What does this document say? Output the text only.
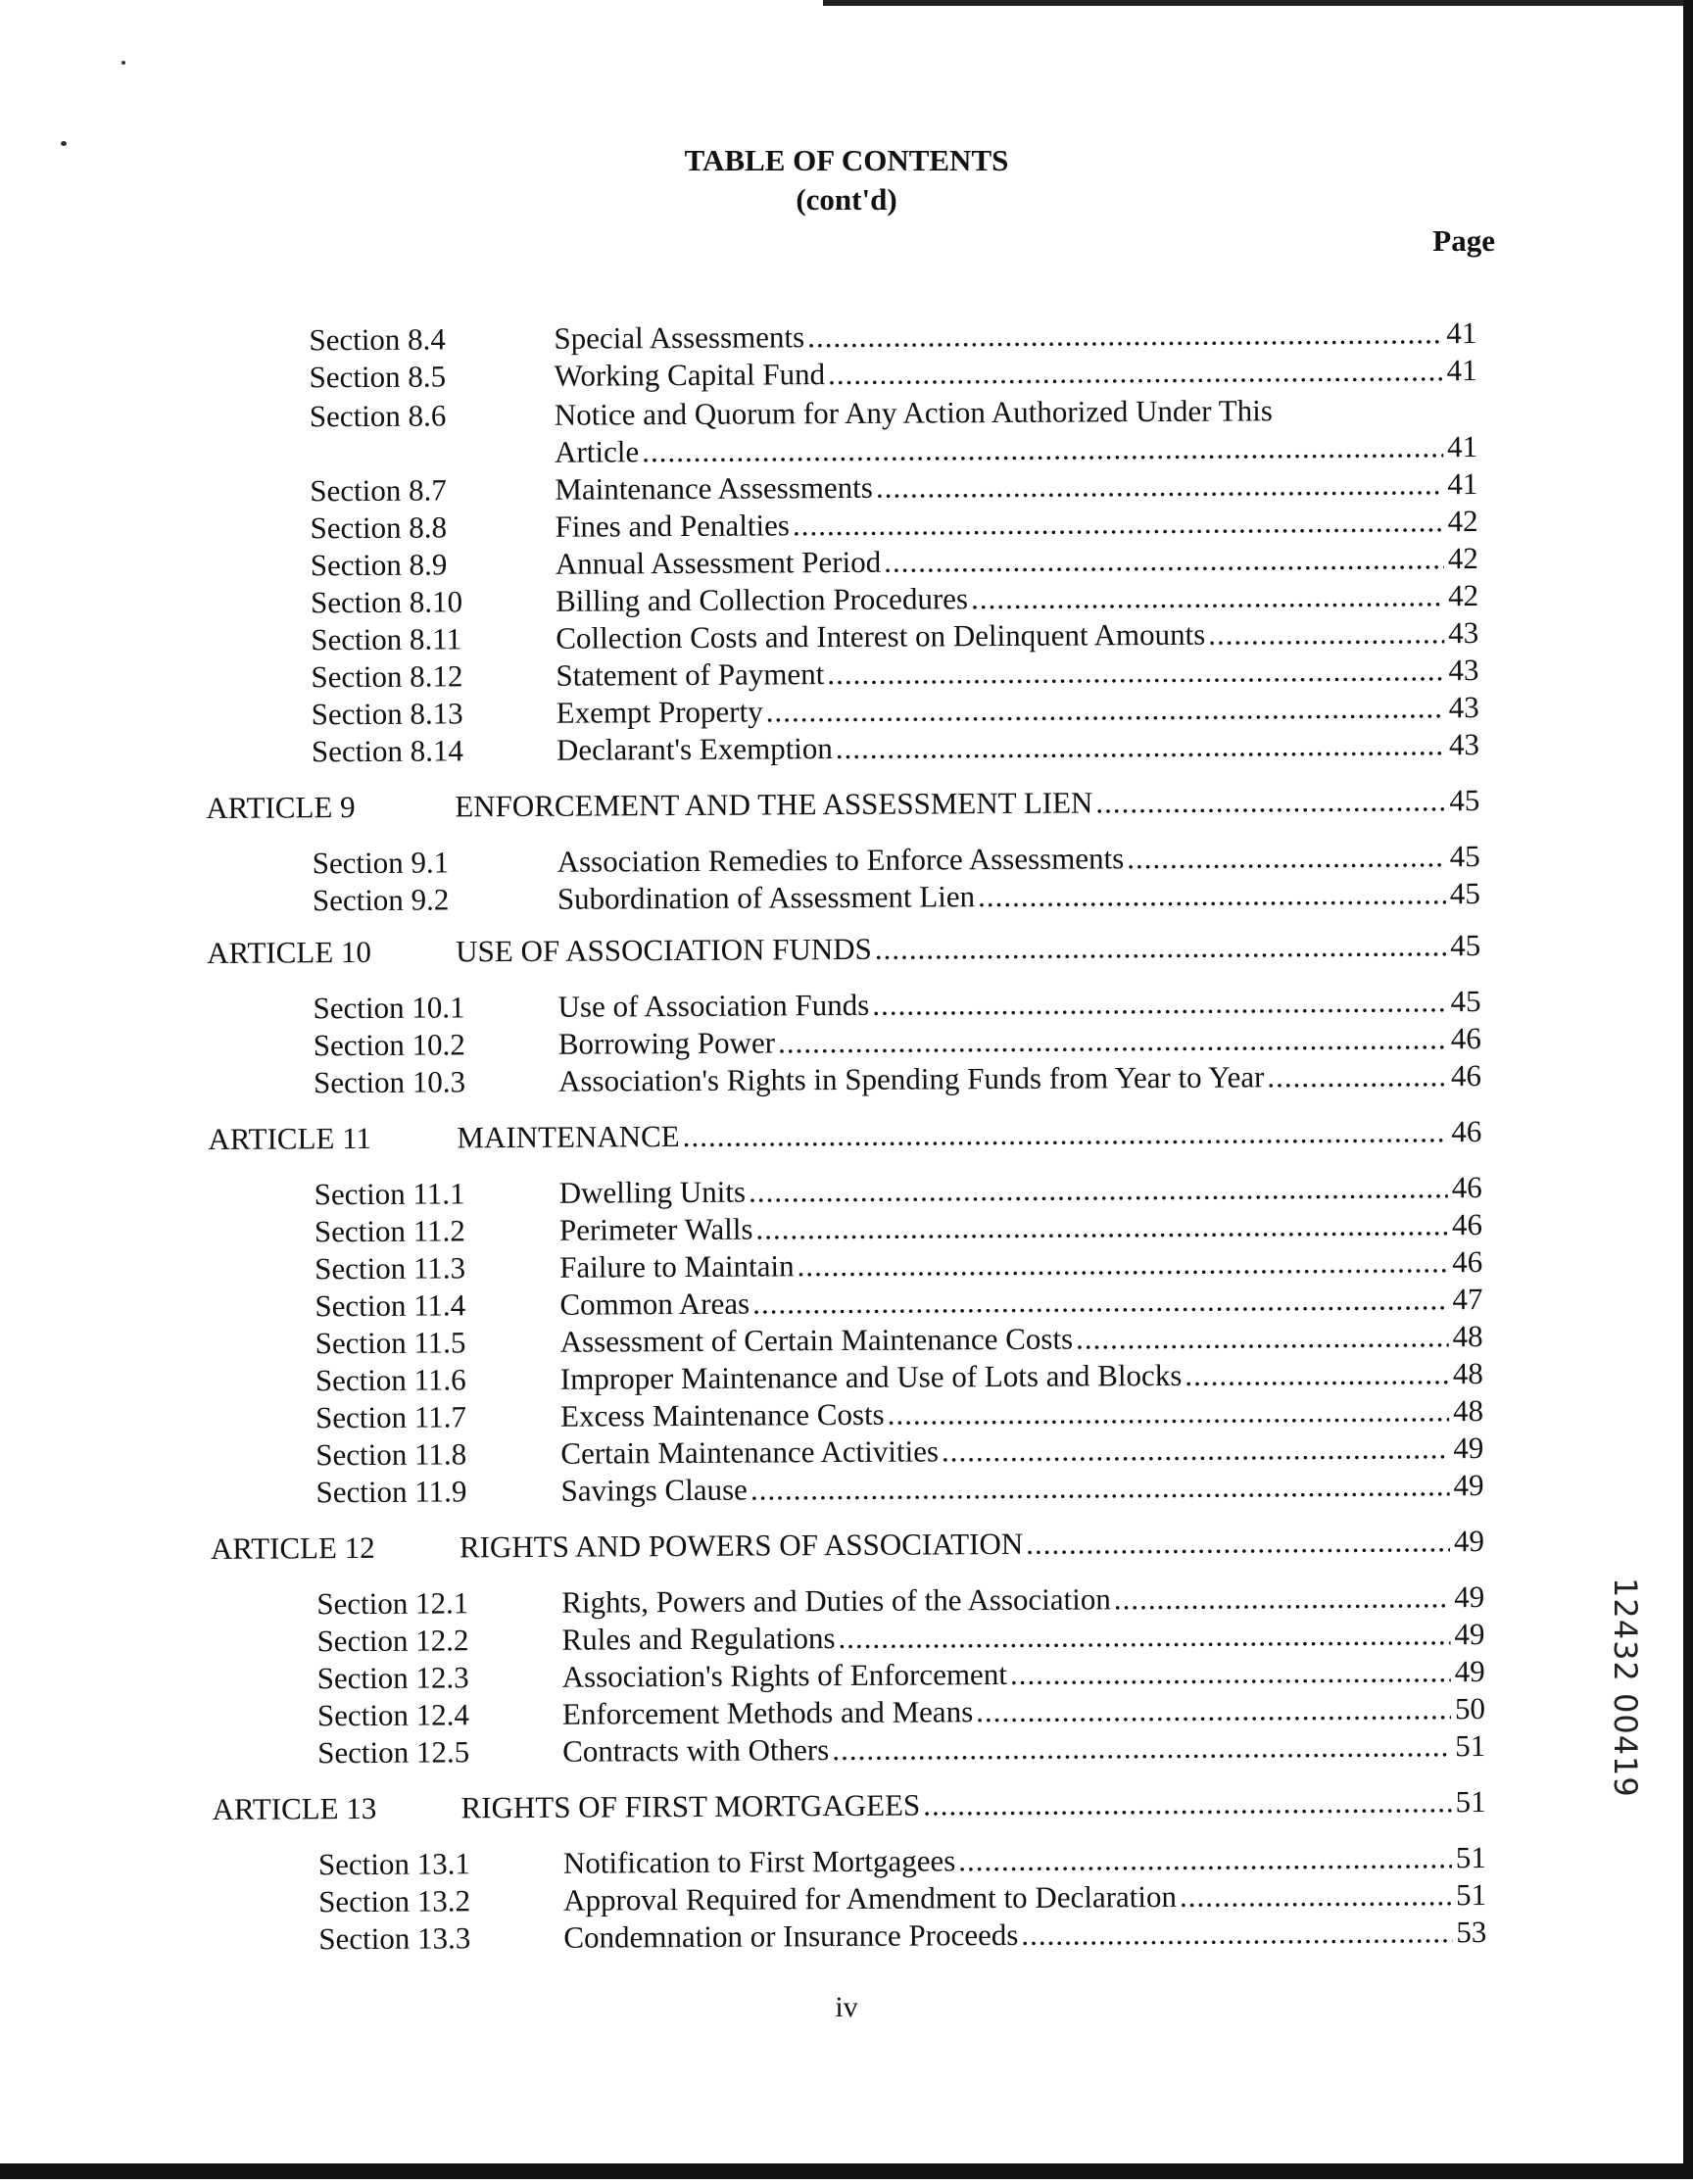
TABLE OF CONTENTS
(cont'd)
Page
Section 8.4	Special Assessments .....	41
Section 8.5	Working Capital Fund .....	41
Section 8.6	Notice and Quorum for Any Action Authorized Under This
Article .....	41
Section 8.7	Maintenance Assessments .....	41
Section 8.8	Fines and Penalties .....	42
Section 8.9	Annual Assessment Period .....	42
Section 8.10	Billing and Collection Procedures .....	42
Section 8.11	Collection Costs and Interest on Delinquent Amounts .....	43
Section 8.12	Statement of Payment .....	43
Section 8.13	Exempt Property .....	43
Section 8.14	Declarant's Exemption .....	43
ARTICLE 9	ENFORCEMENT AND THE ASSESSMENT LIEN .....	45
Section 9.1	Association Remedies to Enforce Assessments .....	45
Section 9.2	Subordination of Assessment Lien .....	45
ARTICLE 10	USE OF ASSOCIATION FUNDS .....	45
Section 10.1	Use of Association Funds .....	45
Section 10.2	Borrowing Power .....	46
Section 10.3	Association's Rights in Spending Funds from Year to Year .....	46
ARTICLE 11	MAINTENANCE .....	46
Section 11.1	Dwelling Units .....	46
Section 11.2	Perimeter Walls .....	46
Section 11.3	Failure to Maintain .....	46
Section 11.4	Common Areas .....	47
Section 11.5	Assessment of Certain Maintenance Costs .....	48
Section 11.6	Improper Maintenance and Use of Lots and Blocks .....	48
Section 11.7	Excess Maintenance Costs .....	48
Section 11.8	Certain Maintenance Activities .....	49
Section 11.9	Savings Clause .....	49
ARTICLE 12	RIGHTS AND POWERS OF ASSOCIATION .....	49
Section 12.1	Rights, Powers and Duties of the Association .....	49
Section 12.2	Rules and Regulations .....	49
Section 12.3	Association's Rights of Enforcement .....	49
Section 12.4	Enforcement Methods and Means .....	50
Section 12.5	Contracts with Others .....	51
ARTICLE 13	RIGHTS OF FIRST MORTGAGEES .....	51
Section 13.1	Notification to First Mortgagees .....	51
Section 13.2	Approval Required for Amendment to Declaration .....	51
Section 13.3	Condemnation or Insurance Proceeds .....	53
iv
12432 00419
